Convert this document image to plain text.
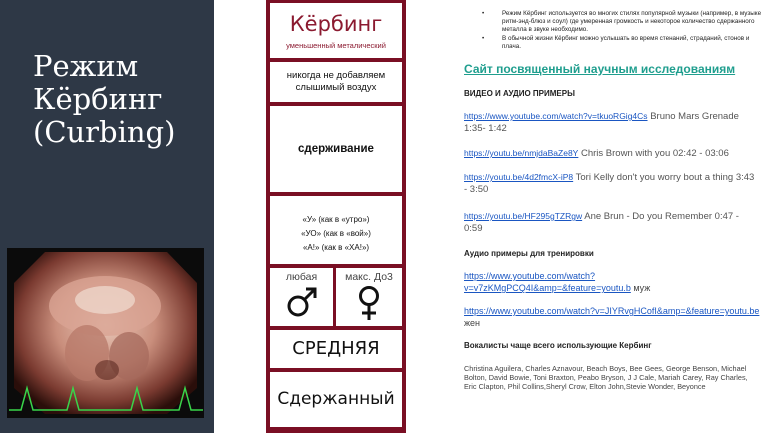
Режим
Кёрбинг
(Curbing)
Кёрбинг
уменьшенный металический
никогда не добавляем слышимый воздух
сдерживание
«У» (как в «утро»)
«УО» (как в «вой»)
«А!» (как в «ХА!»)
любая	макс. До3
СРЕДНЯЯ
Сдержанный
• Режим Кёрбинг используется во многих стилях популярной музыки (например, в музыке ритм-энд-блюз и соул) где умеренная громкость и некоторое количество сдержанного металла в звуке необходимо.
• В обычной жизни Кёрбинг можно услышать во время стенаний, страданий, стонов и плача.
Сайт посвященный научным исследованиям
ВИДЕО И АУДИО ПРИМЕРЫ
https://www.youtube.com/watch?v=tkuoRGig4Cs Bruno Mars Grenade 1:35- 1:42
https://youtu.be/nmjdaBaZe8Y Chris Brown with you 02:42 - 03:06
https://youtu.be/4d2fmcX-iP8 Tori Kelly don't you worry bout a thing 3:43 - 3:50
https://youtu.be/HF295gTZRgw Ane Brun - Do you Remember 0:47 - 0:59
Аудио примеры для тренировки
https://www.youtube.com/watch?v=v7zKMgPCQ4I&amp=&feature=youtu.b муж
https://www.youtube.com/watch?v=JIYRvgHCofI&amp=&feature=youtu.be жен
Вокалисты чаще всего использующие Кербинг
Christina Aguilera, Charles Aznavour, Beach Boys, Bee Gees, George Benson, Michael Bolton, David Bowie, Toni Braxton, Peabo Bryson, J J Cale, Mariah Carey, Ray Charles, Eric Clapton, Phil Collins,Sheryl Crow, Elton John,Stevie Wonder, Beyonce
